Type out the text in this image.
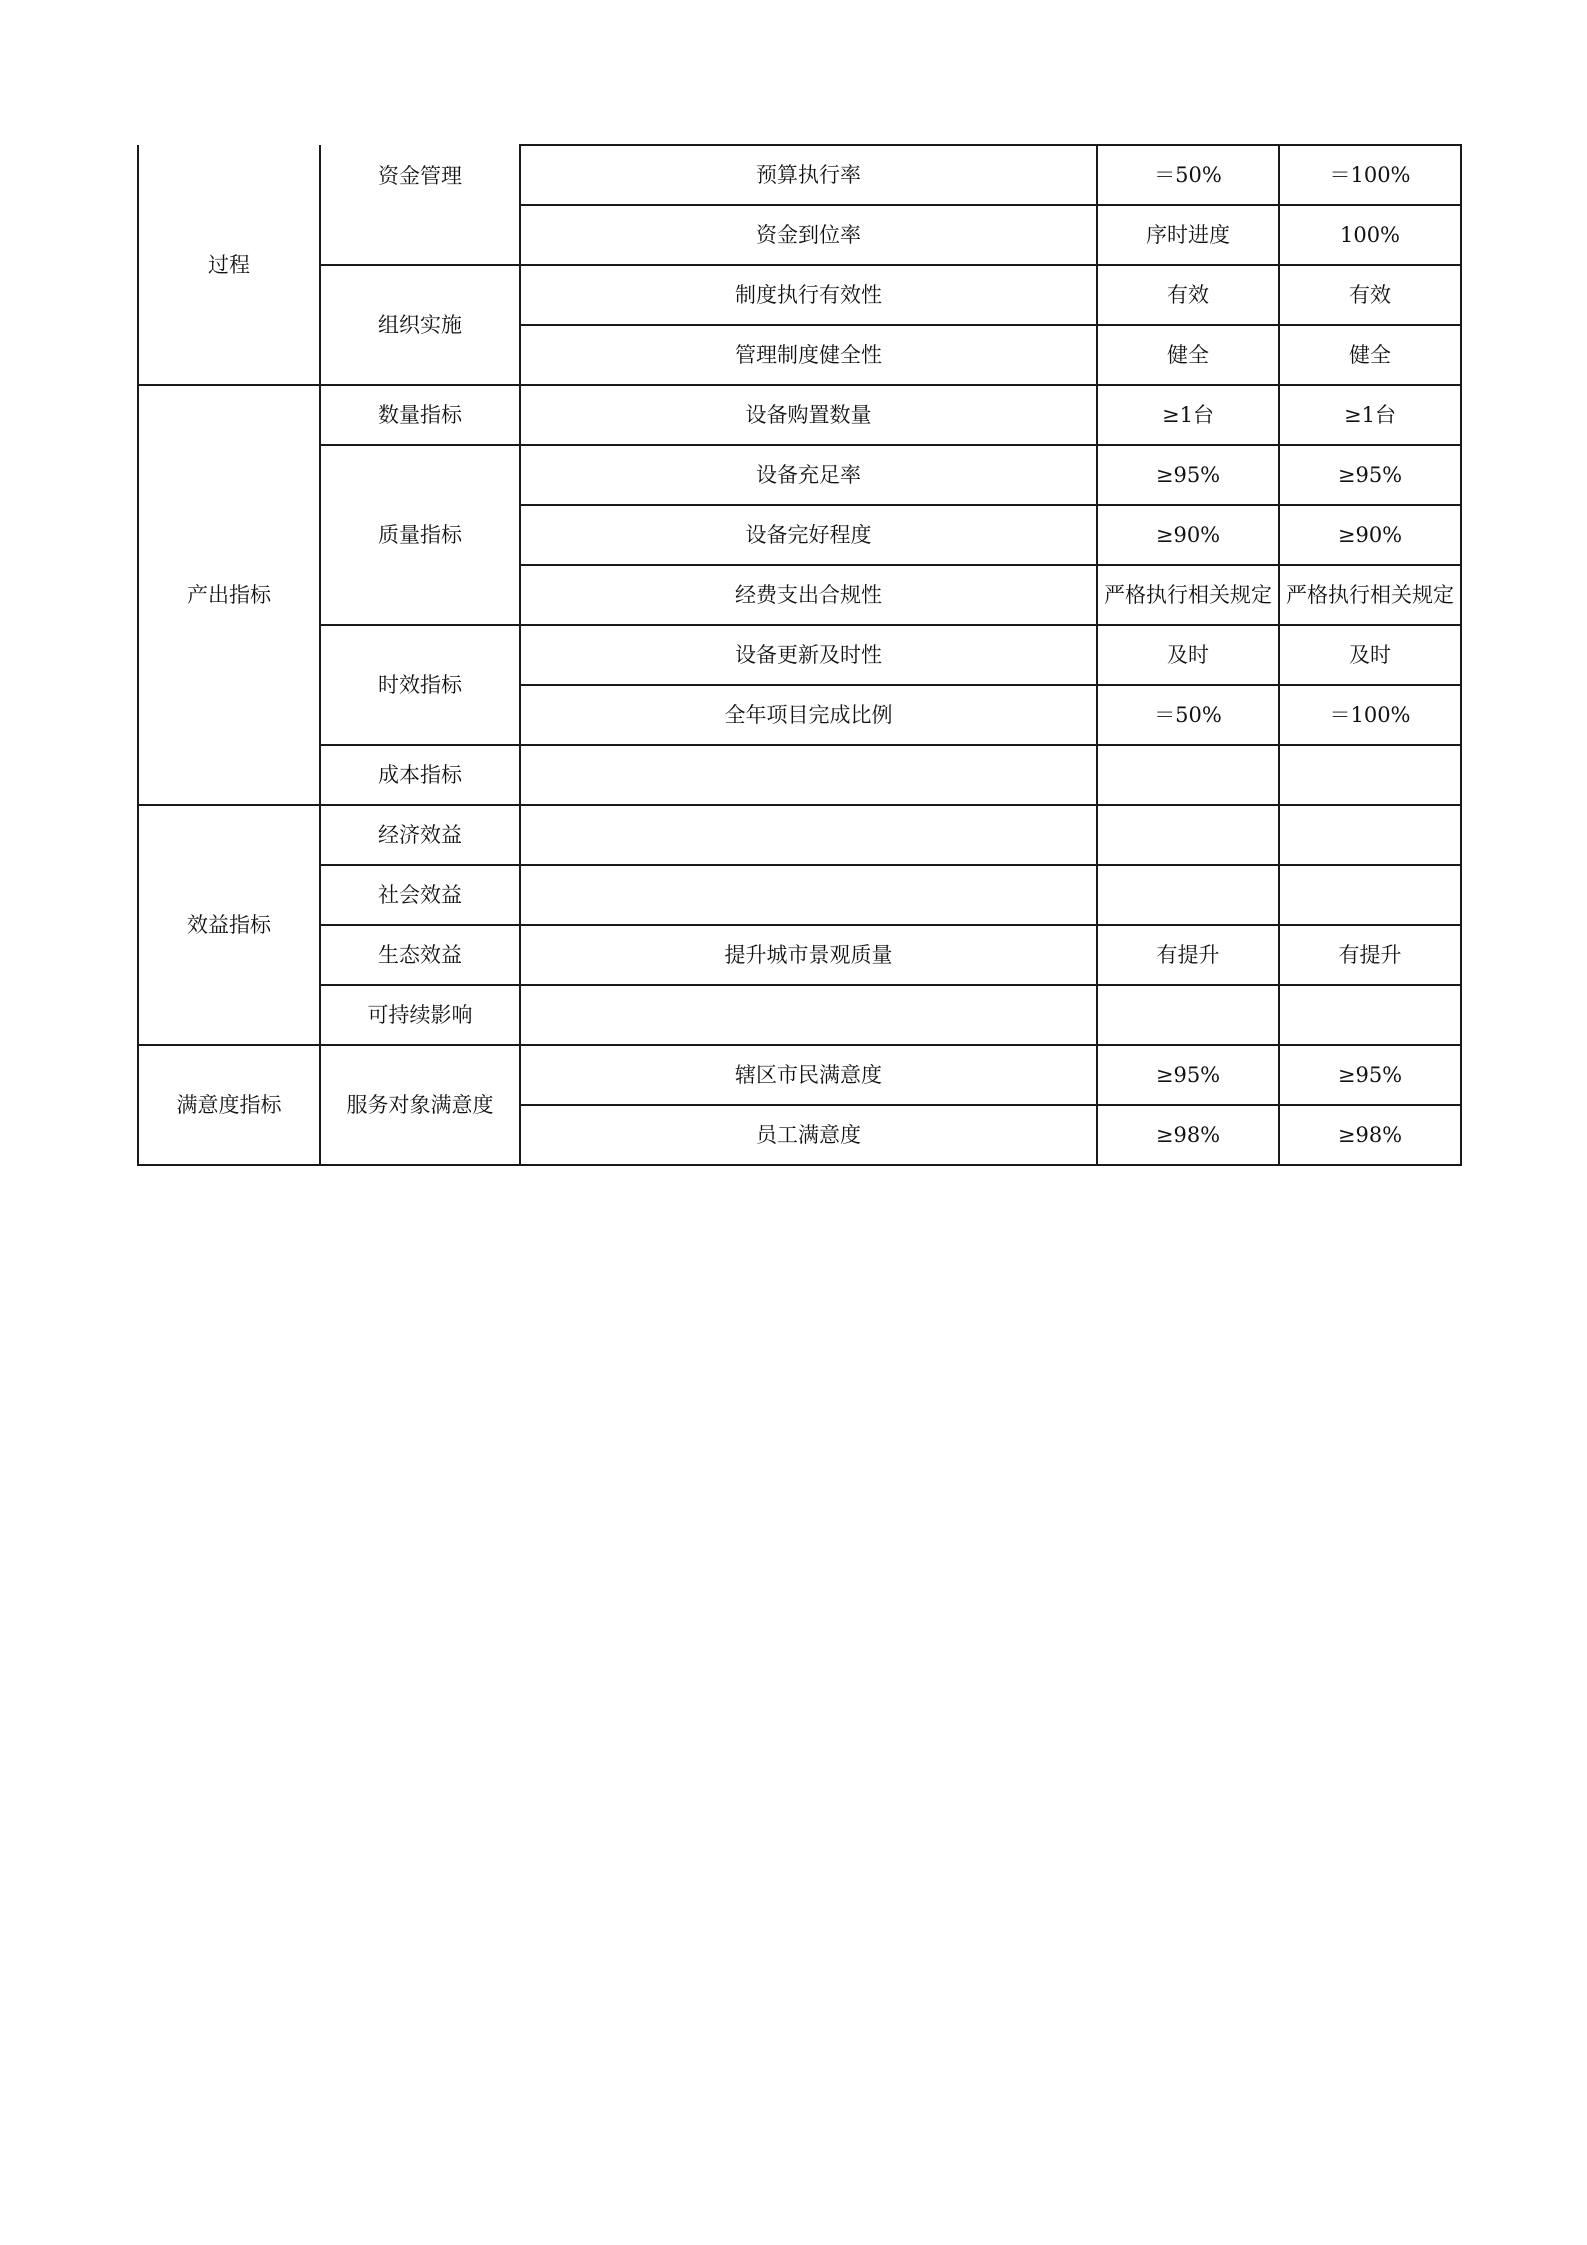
过程	资金管理	预算执行率	＝50%	＝100%
		资金到位率	序时进度	100%
	组织实施	制度执行有效性	有效	有效
		管理制度健全性	健全	健全
产出指标	数量指标	设备购置数量	≥1台	≥1台
	质量指标	设备充足率	≥95%	≥95%
		设备完好程度	≥90%	≥90%
		经费支出合规性	严格执行相关规定	严格执行相关规定
	时效指标	设备更新及时性	及时	及时
		全年项目完成比例	＝50%	＝100%
	成本指标			
效益指标	经济效益			
	社会效益			
	生态效益	提升城市景观质量	有提升	有提升
	可持续影响			
满意度指标	服务对象满意度	辖区市民满意度	≥95%	≥95%
		员工满意度	≥98%	≥98%
